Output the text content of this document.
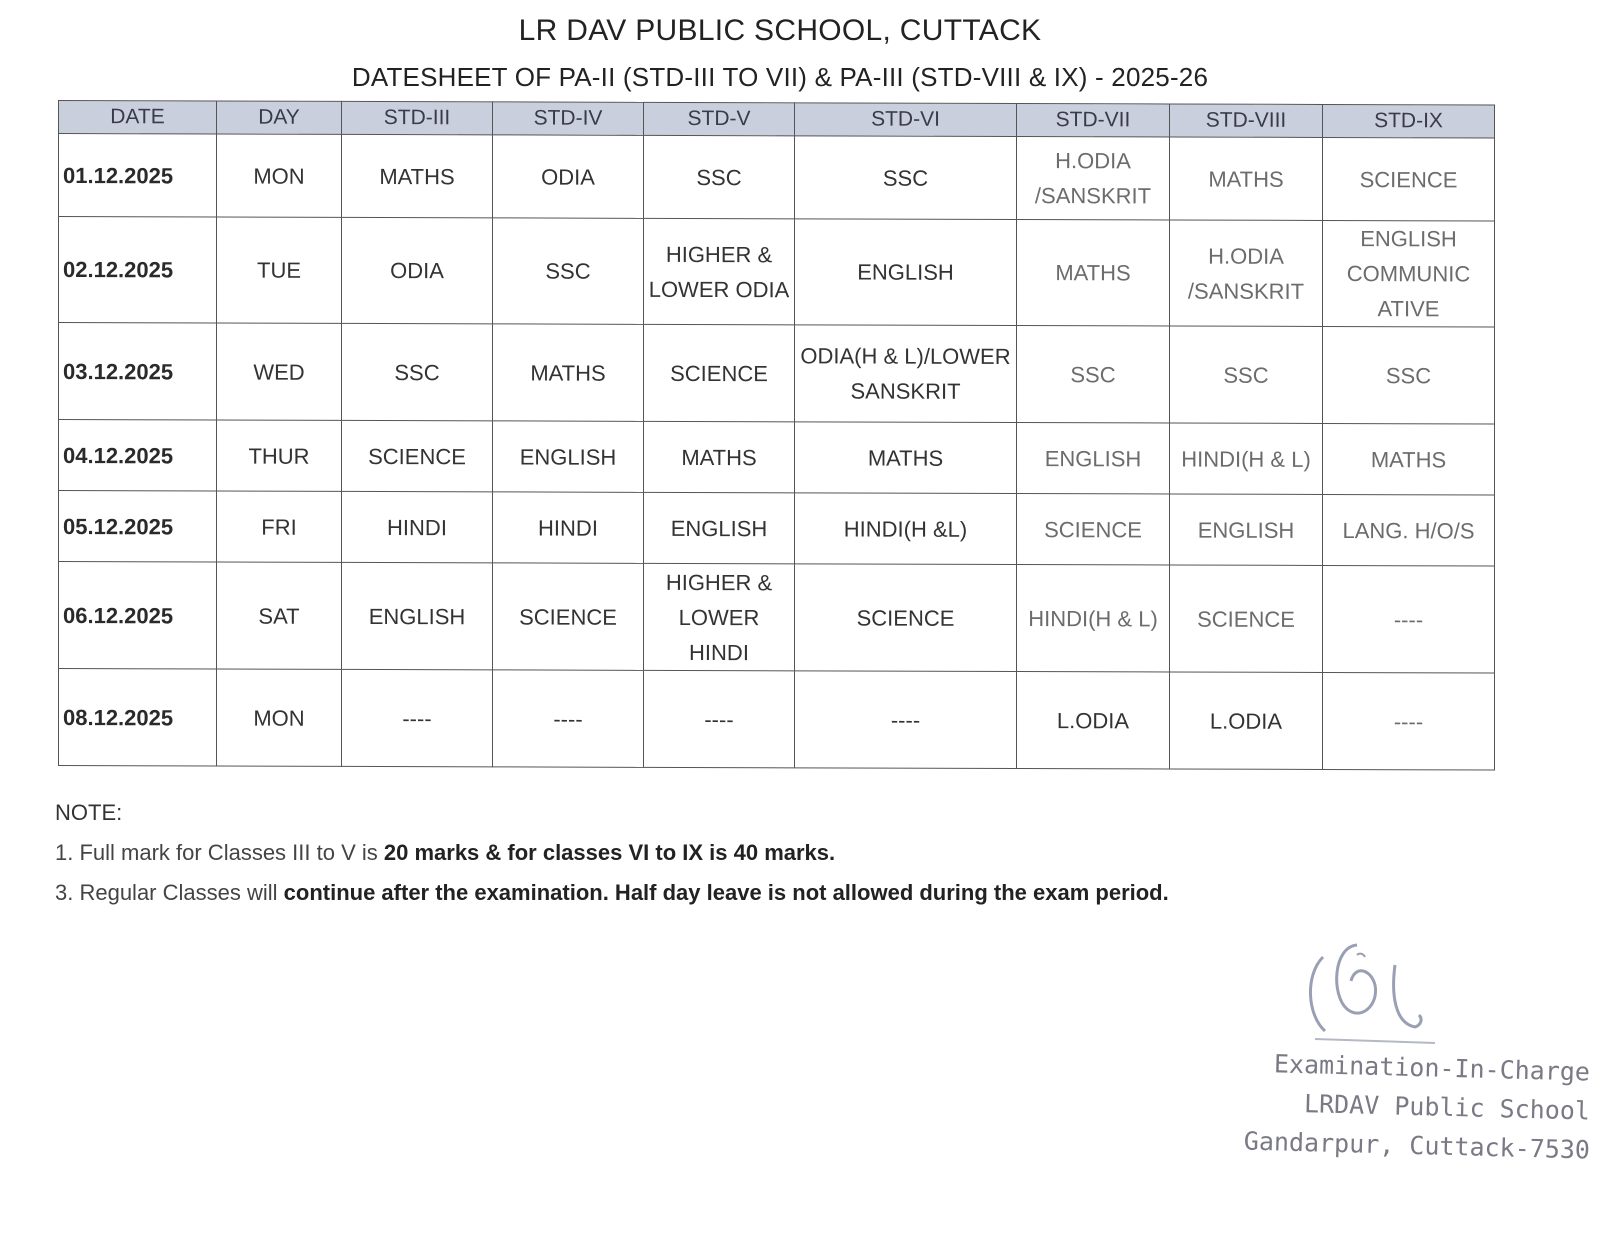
LR DAV PUBLIC SCHOOL, CUTTACK
DATESHEET OF PA-II (STD-III TO VII) & PA-III (STD-VIII & IX) - 2025-26
DATE	DAY	STD-III	STD-IV	STD-V	STD-VI	STD-VII	STD-VIII	STD-IX
01.12.2025	MON	MATHS	ODIA	SSC	SSC	H.ODIA /SANSKRIT	MATHS	SCIENCE
02.12.2025	TUE	ODIA	SSC	HIGHER & LOWER ODIA	ENGLISH	MATHS	H.ODIA /SANSKRIT	ENGLISH COMMUNIC ATIVE
03.12.2025	WED	SSC	MATHS	SCIENCE	ODIA(H & L)/LOWER SANSKRIT	SSC	SSC	SSC
04.12.2025	THUR	SCIENCE	ENGLISH	MATHS	MATHS	ENGLISH	HINDI(H & L)	MATHS
05.12.2025	FRI	HINDI	HINDI	ENGLISH	HINDI(H &L)	SCIENCE	ENGLISH	LANG. H/O/S
06.12.2025	SAT	ENGLISH	SCIENCE	HIGHER & LOWER HINDI	SCIENCE	HINDI(H & L)	SCIENCE	----
08.12.2025	MON	----	----	----	----	L.ODIA	L.ODIA	----
NOTE:
1. Full mark for Classes III to V is 20 marks & for classes VI to IX is 40 marks.
3. Regular Classes will continue after the examination. Half day leave is not allowed during the exam period.
Examination-In-Charge
LRDAV Public School
Gandarpur, Cuttack-7530
